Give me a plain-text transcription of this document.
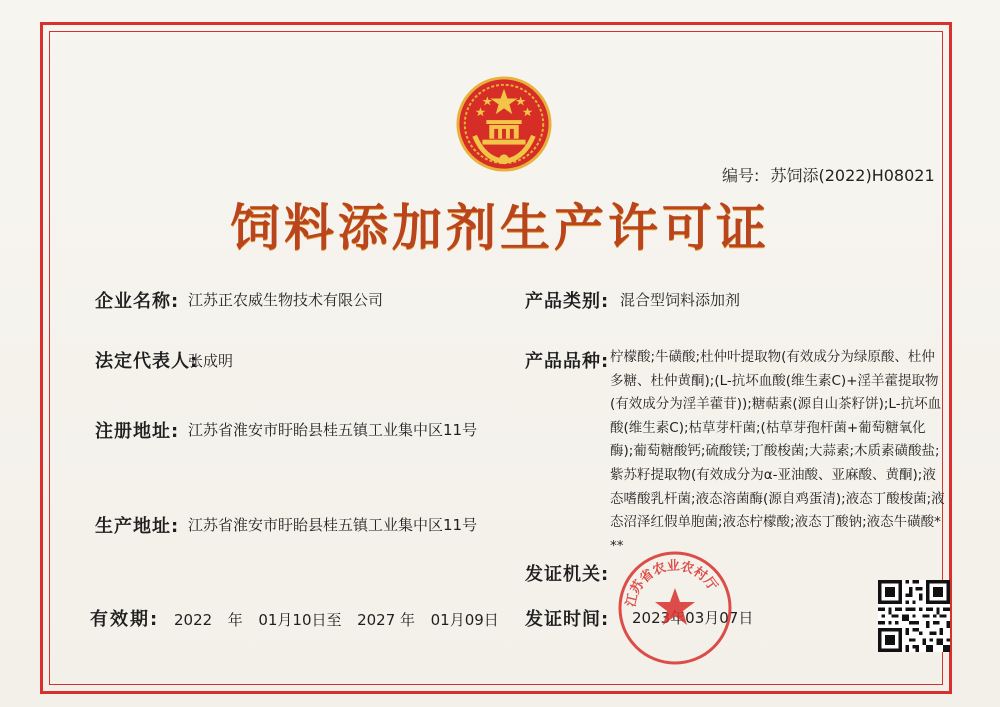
编号: 苏饲添(2022)H08021
饲料添加剂生产许可证
企业名称: 江苏正农威生物技术有限公司
法定代表人:
张成明
注册地址: 江苏省淮安市盱眙县桂五镇工业集中区11号
生产地址: 江苏省淮安市盱眙县桂五镇工业集中区11号
产品类别: 混合型饲料添加剂
产品品种: 柠檬酸;牛磺酸;杜仲叶提取物(有效成分为绿原酸、杜仲多糖、杜仲黄酮);(L-抗坏血酸(维生素C)+淫羊藿提取物(有效成分为淫羊藿苷));糖萜素(源自山茶籽饼);L-抗坏血酸(维生素C);枯草芽杆菌;(枯草芽孢杆菌+葡萄糖氧化酶);葡萄糖酸钙;硫酸镁;丁酸梭菌;大蒜素;木质素磺酸盐;紫苏籽提取物(有效成分为α-亚油酸、亚麻酸、黄酮);液态嗜酸乳杆菌;液态溶菌酶(源自鸡蛋清);液态丁酸梭菌;液态沼泽红假单胞菌;液态柠檬酸;液态丁酸钠;液态牛磺酸***
发证机关:
发证时间: 2023年03月07日
有效期: 2022 年 01月10日至 2027 年 01月09日
江苏省农业农村厅
